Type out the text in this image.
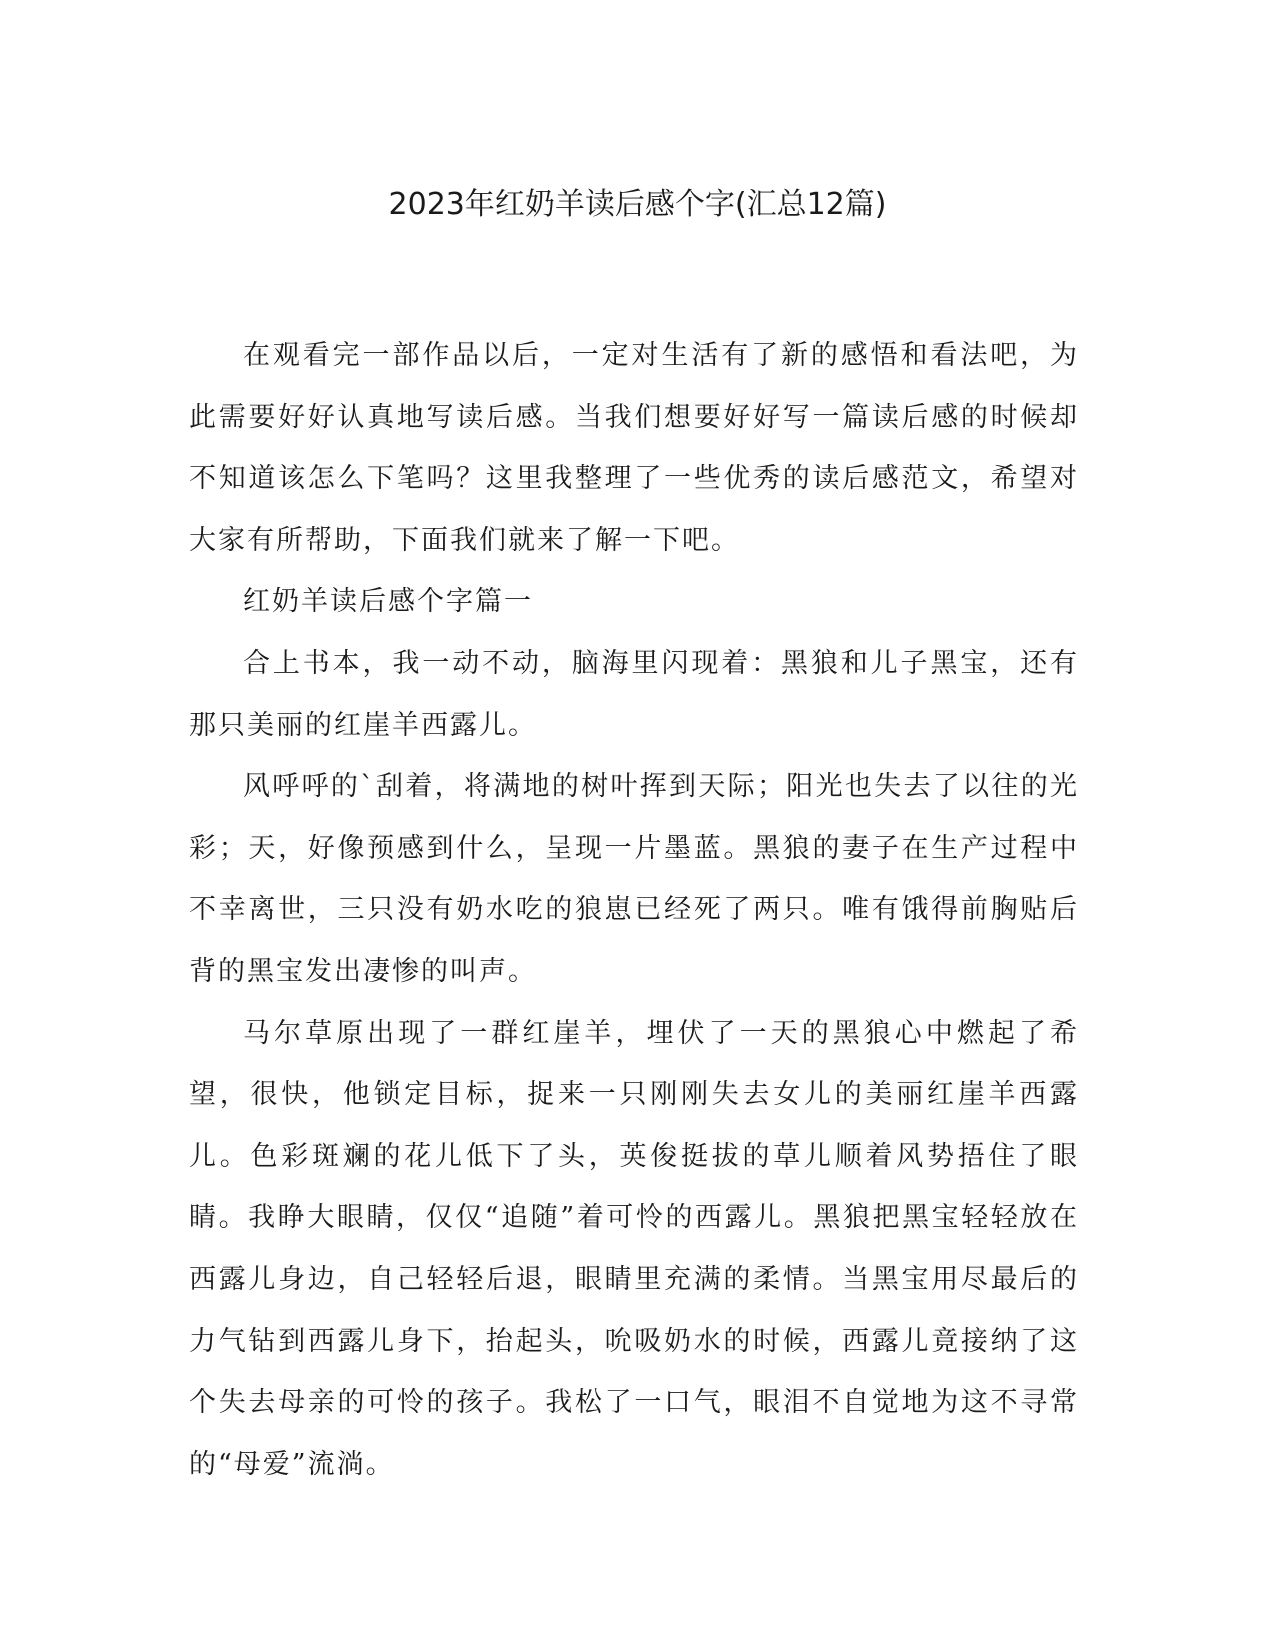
2023年红奶羊读后感个字(汇总12篇)

在观看完一部作品以后，一定对生活有了新的感悟和看法吧，为此需要好好认真地写读后感。当我们想要好好写一篇读后感的时候却不知道该怎么下笔吗？这里我整理了一些优秀的读后感范文，希望对大家有所帮助，下面我们就来了解一下吧。

红奶羊读后感个字篇一

合上书本，我一动不动，脑海里闪现着：黑狼和儿子黑宝，还有那只美丽的红崖羊西露儿。

风呼呼的`刮着，将满地的树叶挥到天际；阳光也失去了以往的光彩；天，好像预感到什么，呈现一片墨蓝。黑狼的妻子在生产过程中不幸离世，三只没有奶水吃的狼崽已经死了两只。唯有饿得前胸贴后背的黑宝发出凄惨的叫声。

马尔草原出现了一群红崖羊，埋伏了一天的黑狼心中燃起了希望，很快，他锁定目标，捉来一只刚刚失去女儿的美丽红崖羊西露儿。色彩斑斓的花儿低下了头，英俊挺拔的草儿顺着风势捂住了眼睛。我睁大眼睛，仅仅“追随”着可怜的西露儿。黑狼把黑宝轻轻放在西露儿身边，自己轻轻后退，眼睛里充满的柔情。当黑宝用尽最后的力气钻到西露儿身下，抬起头，吮吸奶水的时候，西露儿竟接纳了这个失去母亲的可怜的孩子。我松了一口气，眼泪不自觉地为这不寻常的“母爱”流淌。
